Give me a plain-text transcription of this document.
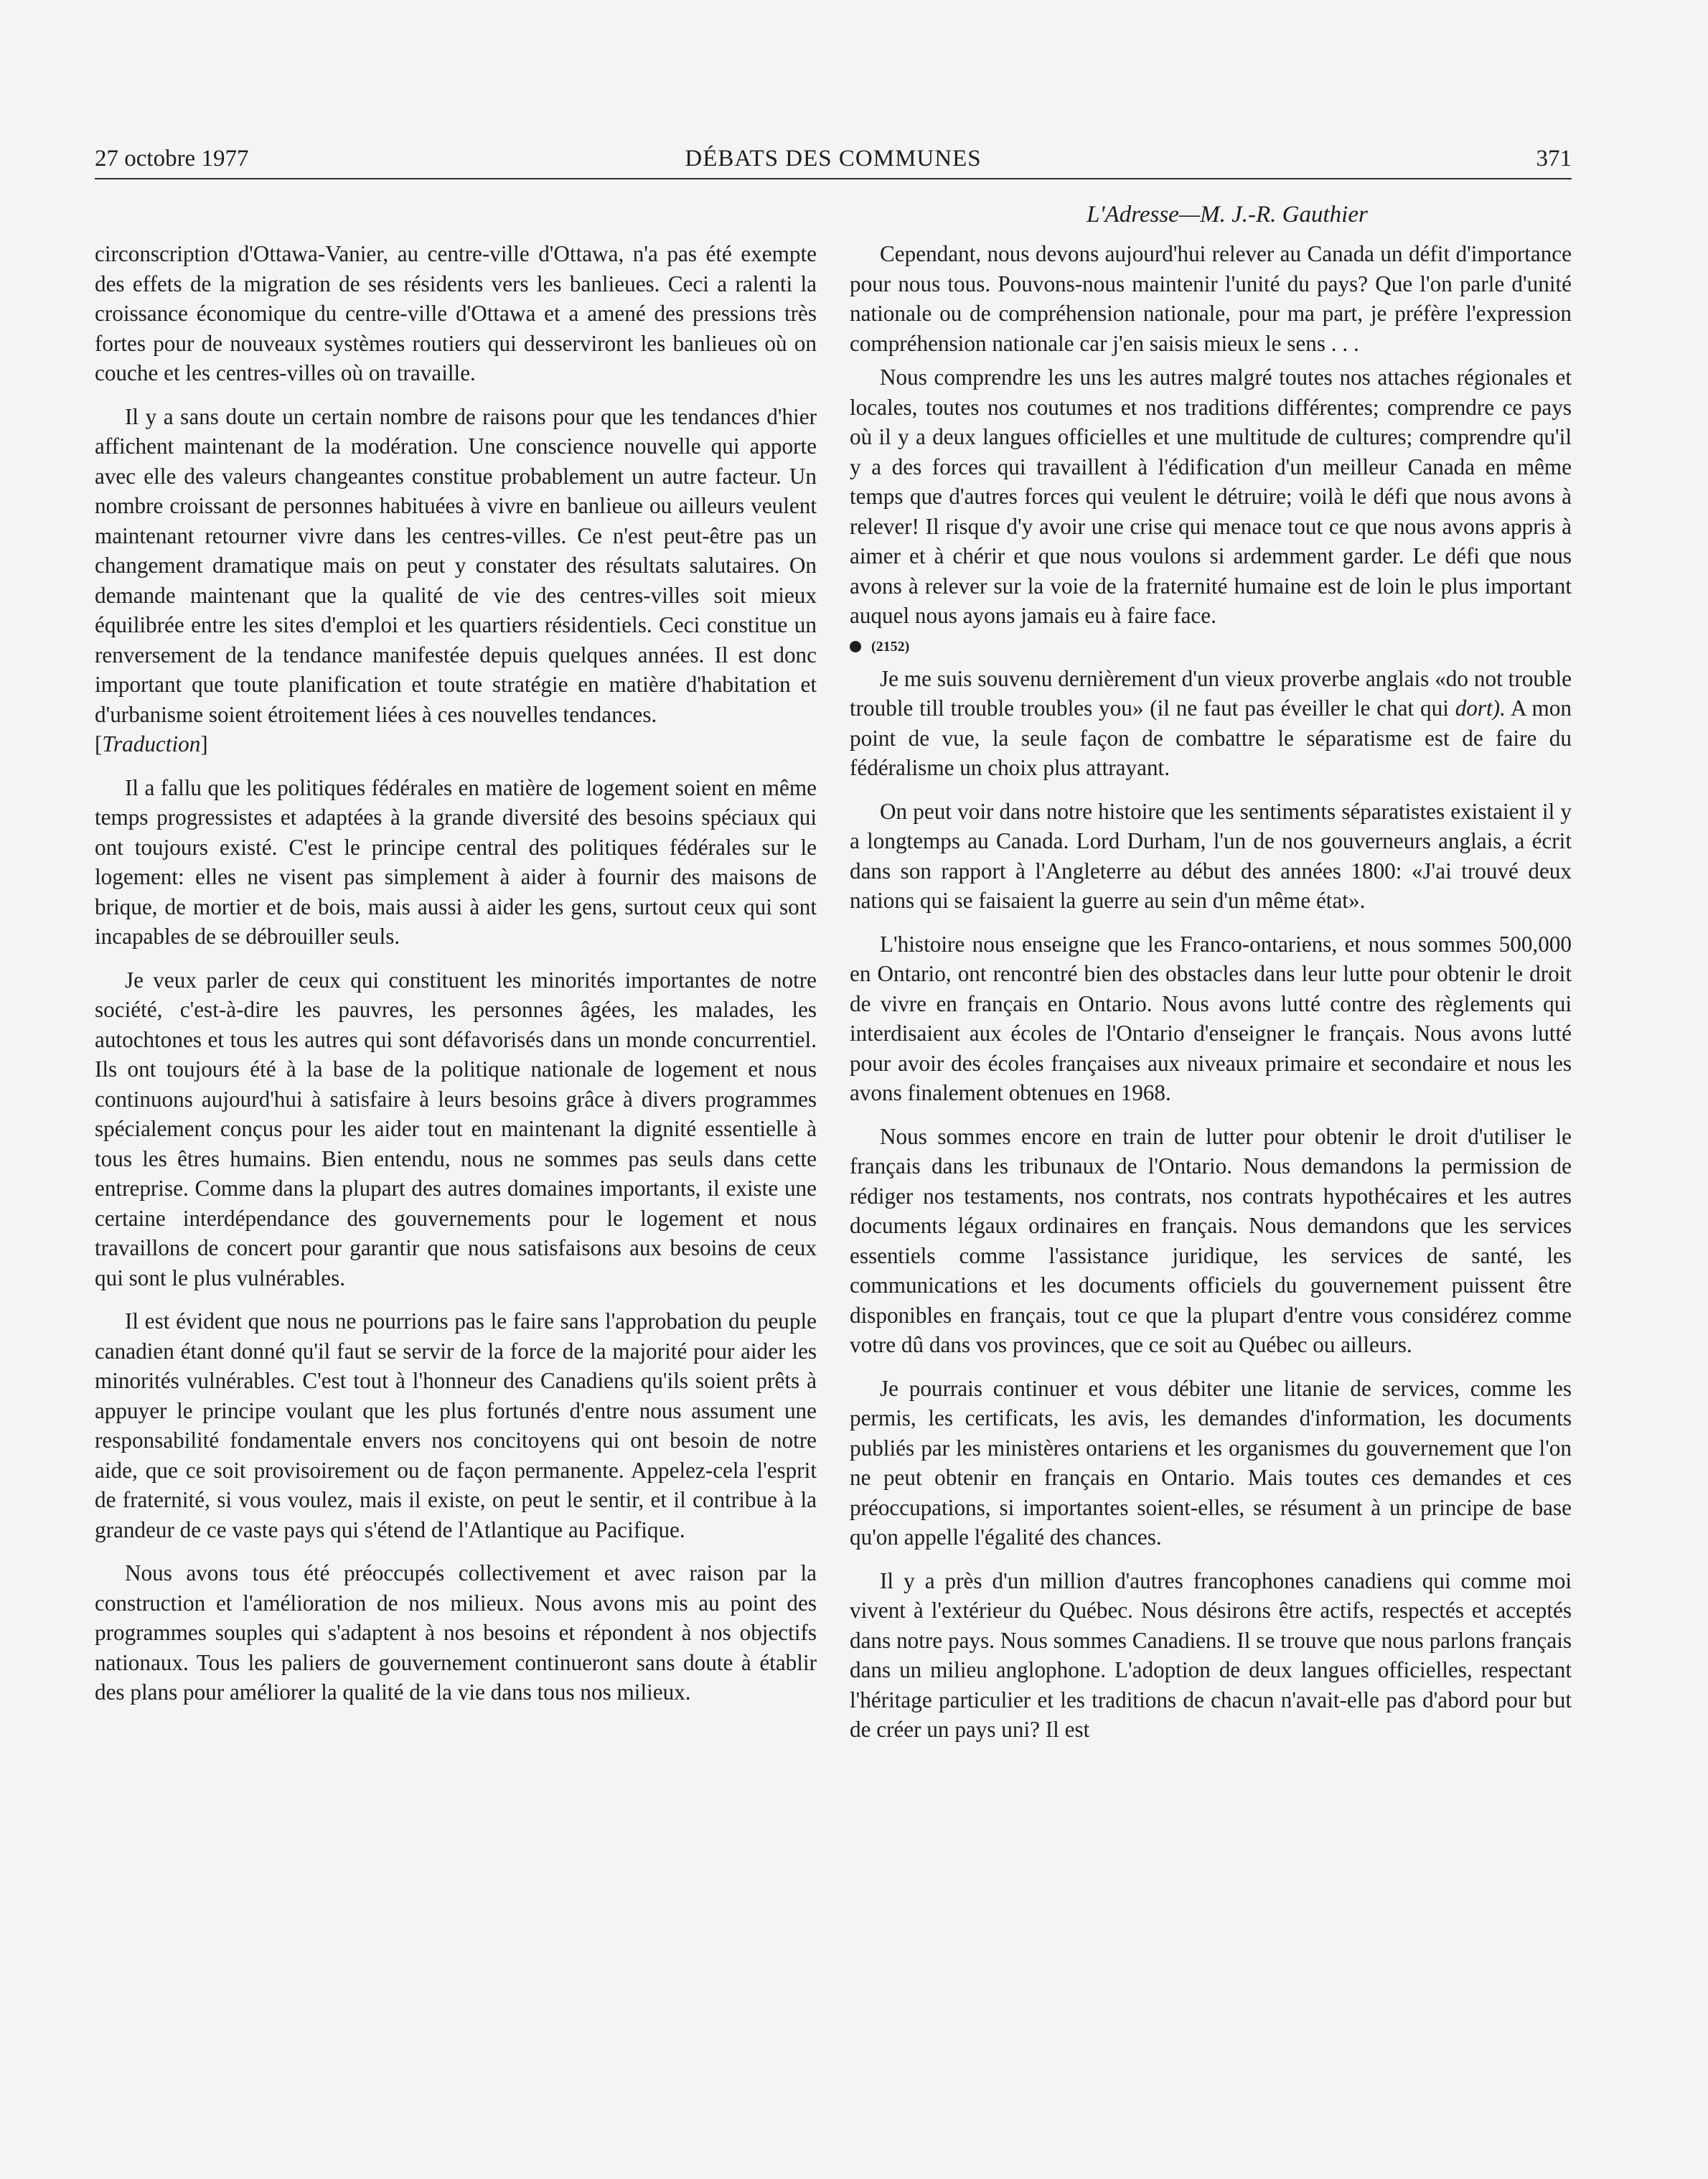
27 octobre 1977	DÉBATS DES COMMUNES	371
L'Adresse—M. J.-R. Gauthier

circonscription d'Ottawa-Vanier, au centre-ville d'Ottawa, n'a pas été exempte des effets de la migration de ses résidents vers les banlieues. Ceci a ralenti la croissance économique du centre-ville d'Ottawa et a amené des pressions très fortes pour de nouveaux systèmes routiers qui desserviront les banlieues où on couche et les centres-villes où on travaille.

Il y a sans doute un certain nombre de raisons pour que les tendances d'hier affichent maintenant de la modération. Une conscience nouvelle qui apporte avec elle des valeurs changeantes constitue probablement un autre facteur. Un nombre croissant de personnes habituées à vivre en banlieue ou ailleurs veulent maintenant retourner vivre dans les centres-villes. Ce n'est peut-être pas un changement dramatique mais on peut y constater des résultats salutaires. On demande maintenant que la qualité de vie des centres-villes soit mieux équilibrée entre les sites d'emploi et les quartiers résidentiels. Ceci constitue un renversement de la tendance manifestée depuis quelques années. Il est donc important que toute planification et toute stratégie en matière d'habitation et d'urbanisme soient étroitement liées à ces nouvelles tendances.

[Traduction]

Il a fallu que les politiques fédérales en matière de logement soient en même temps progressistes et adaptées à la grande diversité des besoins spéciaux qui ont toujours existé. C'est le principe central des politiques fédérales sur le logement: elles ne visent pas simplement à aider à fournir des maisons de brique, de mortier et de bois, mais aussi à aider les gens, surtout ceux qui sont incapables de se débrouiller seuls.

Je veux parler de ceux qui constituent les minorités importantes de notre société, c'est-à-dire les pauvres, les personnes âgées, les malades, les autochtones et tous les autres qui sont défavorisés dans un monde concurrentiel. Ils ont toujours été à la base de la politique nationale de logement et nous continuons aujourd'hui à satisfaire à leurs besoins grâce à divers programmes spécialement conçus pour les aider tout en maintenant la dignité essentielle à tous les êtres humains. Bien entendu, nous ne sommes pas seuls dans cette entreprise. Comme dans la plupart des autres domaines importants, il existe une certaine interdépendance des gouvernements pour le logement et nous travaillons de concert pour garantir que nous satisfaisons aux besoins de ceux qui sont le plus vulnérables.

Il est évident que nous ne pourrions pas le faire sans l'approbation du peuple canadien étant donné qu'il faut se servir de la force de la majorité pour aider les minorités vulnérables. C'est tout à l'honneur des Canadiens qu'ils soient prêts à appuyer le principe voulant que les plus fortunés d'entre nous assument une responsabilité fondamentale envers nos concitoyens qui ont besoin de notre aide, que ce soit provisoirement ou de façon permanente. Appelez-cela l'esprit de fraternité, si vous voulez, mais il existe, on peut le sentir, et il contribue à la grandeur de ce vaste pays qui s'étend de l'Atlantique au Pacifique.

Nous avons tous été préoccupés collectivement et avec raison par la construction et l'amélioration de nos milieux. Nous avons mis au point des programmes souples qui s'adaptent à nos besoins et répondent à nos objectifs nationaux. Tous les paliers de gouvernement continueront sans doute à établir des plans pour améliorer la qualité de la vie dans tous nos milieux.

Cependant, nous devons aujourd'hui relever au Canada un défit d'importance pour nous tous. Pouvons-nous maintenir l'unité du pays? Que l'on parle d'unité nationale ou de compréhension nationale, pour ma part, je préfère l'expression compréhension nationale car j'en saisis mieux le sens . . .

Nous comprendre les uns les autres malgré toutes nos attaches régionales et locales, toutes nos coutumes et nos traditions différentes; comprendre ce pays où il y a deux langues officielles et une multitude de cultures; comprendre qu'il y a des forces qui travaillent à l'édification d'un meilleur Canada en même temps que d'autres forces qui veulent le détruire; voilà le défi que nous avons à relever! Il risque d'y avoir une crise qui menace tout ce que nous avons appris à aimer et à chérir et que nous voulons si ardemment garder. Le défi que nous avons à relever sur la voie de la fraternité humaine est de loin le plus important auquel nous ayons jamais eu à faire face.

(2152)

Je me suis souvenu dernièrement d'un vieux proverbe anglais «do not trouble trouble till trouble troubles you» (il ne faut pas éveiller le chat qui dort). A mon point de vue, la seule façon de combattre le séparatisme est de faire du fédéralisme un choix plus attrayant.

On peut voir dans notre histoire que les sentiments séparatistes existaient il y a longtemps au Canada. Lord Durham, l'un de nos gouverneurs anglais, a écrit dans son rapport à l'Angleterre au début des années 1800: «J'ai trouvé deux nations qui se faisaient la guerre au sein d'un même état».

L'histoire nous enseigne que les Franco-ontariens, et nous sommes 500,000 en Ontario, ont rencontré bien des obstacles dans leur lutte pour obtenir le droit de vivre en français en Ontario. Nous avons lutté contre des règlements qui interdisaient aux écoles de l'Ontario d'enseigner le français. Nous avons lutté pour avoir des écoles françaises aux niveaux primaire et secondaire et nous les avons finalement obtenues en 1968.

Nous sommes encore en train de lutter pour obtenir le droit d'utiliser le français dans les tribunaux de l'Ontario. Nous demandons la permission de rédiger nos testaments, nos contrats, nos contrats hypothécaires et les autres documents légaux ordinaires en français. Nous demandons que les services essentiels comme l'assistance juridique, les services de santé, les communications et les documents officiels du gouvernement puissent être disponibles en français, tout ce que la plupart d'entre vous considérez comme votre dû dans vos provinces, que ce soit au Québec ou ailleurs.

Je pourrais continuer et vous débiter une litanie de services, comme les permis, les certificats, les avis, les demandes d'information, les documents publiés par les ministères ontariens et les organismes du gouvernement que l'on ne peut obtenir en français en Ontario. Mais toutes ces demandes et ces préoccupations, si importantes soient-elles, se résument à un principe de base qu'on appelle l'égalité des chances.

Il y a près d'un million d'autres francophones canadiens qui comme moi vivent à l'extérieur du Québec. Nous désirons être actifs, respectés et acceptés dans notre pays. Nous sommes Canadiens. Il se trouve que nous parlons français dans un milieu anglophone. L'adoption de deux langues officielles, respectant l'héritage particulier et les traditions de chacun n'avait-elle pas d'abord pour but de créer un pays uni? Il est
